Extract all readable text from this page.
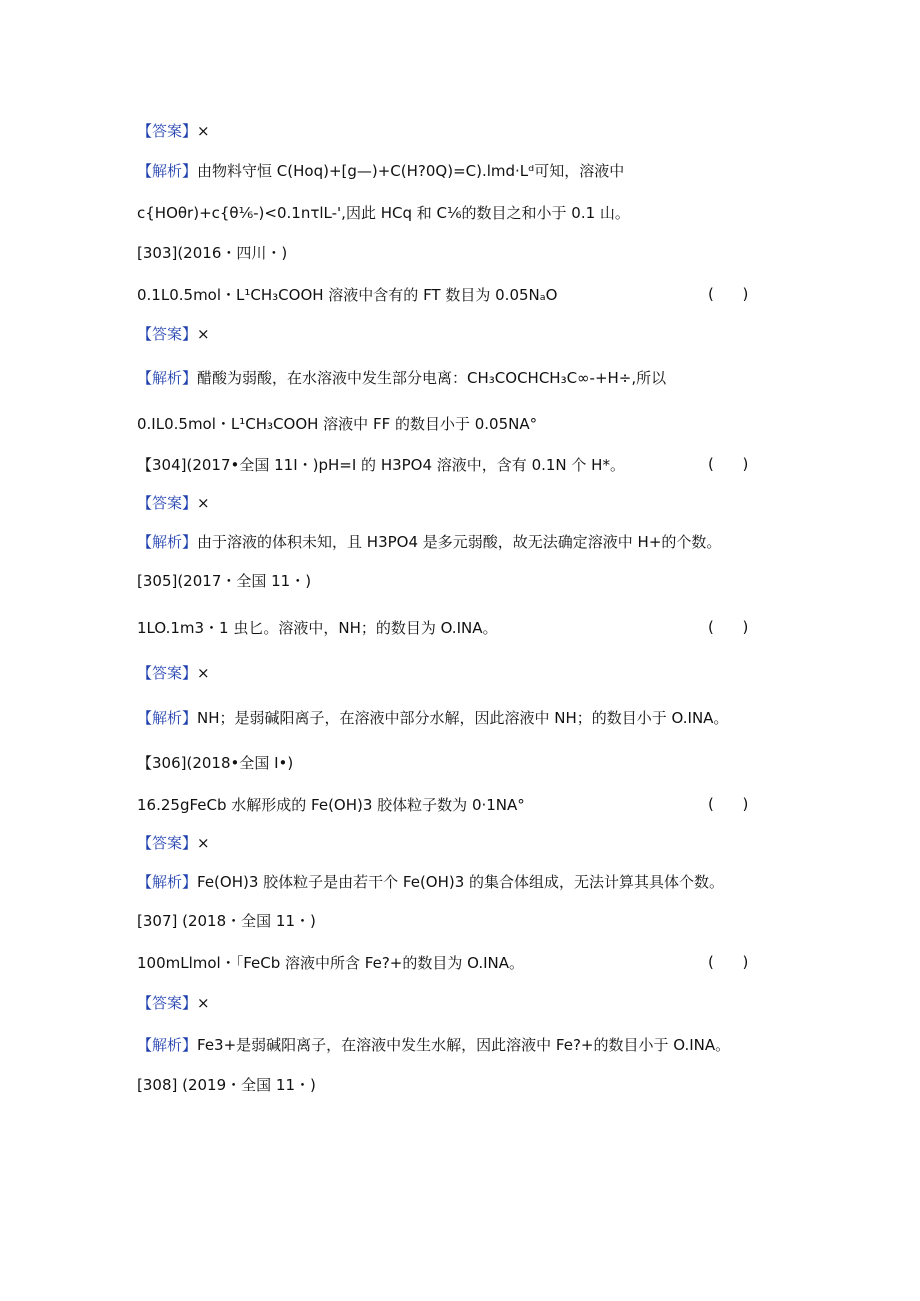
【答案】×
【解析】由物料守恒 C(Hoq)+[g—)+C(H?0Q)=C).lmd·Lᵈ可知，溶液中
c{HOθr)+c{θ⅙-)<0.1nτlL-',因此 HCq 和 C⅙的数目之和小于 0.1 山。
[303](2016・四川・)
0.1L0.5mol・L¹CH₃COOH 溶液中含有的 FT 数目为 0.05NₐO	(      )
【答案】×
【解析】醋酸为弱酸，在水溶液中发生部分电离：CH₃COCHCH₃C∞-+H÷,所以
0.IL0.5mol・L¹CH₃COOH 溶液中 FF 的数目小于 0.05NA°
【304](2017•全国 11I・)pH=I 的 H3PO4 溶液中，含有 0.1N 个 H*。	(      )
【答案】×
【解析】由于溶液的体积未知，且 H3PO4 是多元弱酸，故无法确定溶液中 H+的个数。
[305](2017・全国 11・)
1LO.1m3・1 虫匕。溶液中，NH；的数目为 O.INA。	(      )
【答案】×
【解析】NH；是弱碱阳离子，在溶液中部分水解，因此溶液中 NH；的数目小于 O.INA。
【306](2018•全国 I•)
16.25gFeCb 水解形成的 Fe(OH)3 胶体粒子数为 0·1NA°	(      )
【答案】×
【解析】Fe(OH)3 胶体粒子是由若干个 Fe(OH)3 的集合体组成，无法计算其具体个数。
[307] (2018・全国 11・)
100mLlmol・「FeCb 溶液中所含 Fe?+的数目为 O.INA。	(      )
【答案】×
【解析】Fe3+是弱碱阳离子，在溶液中发生水解，因此溶液中 Fe?+的数目小于 O.INA。
[308] (2019・全国 11・)
